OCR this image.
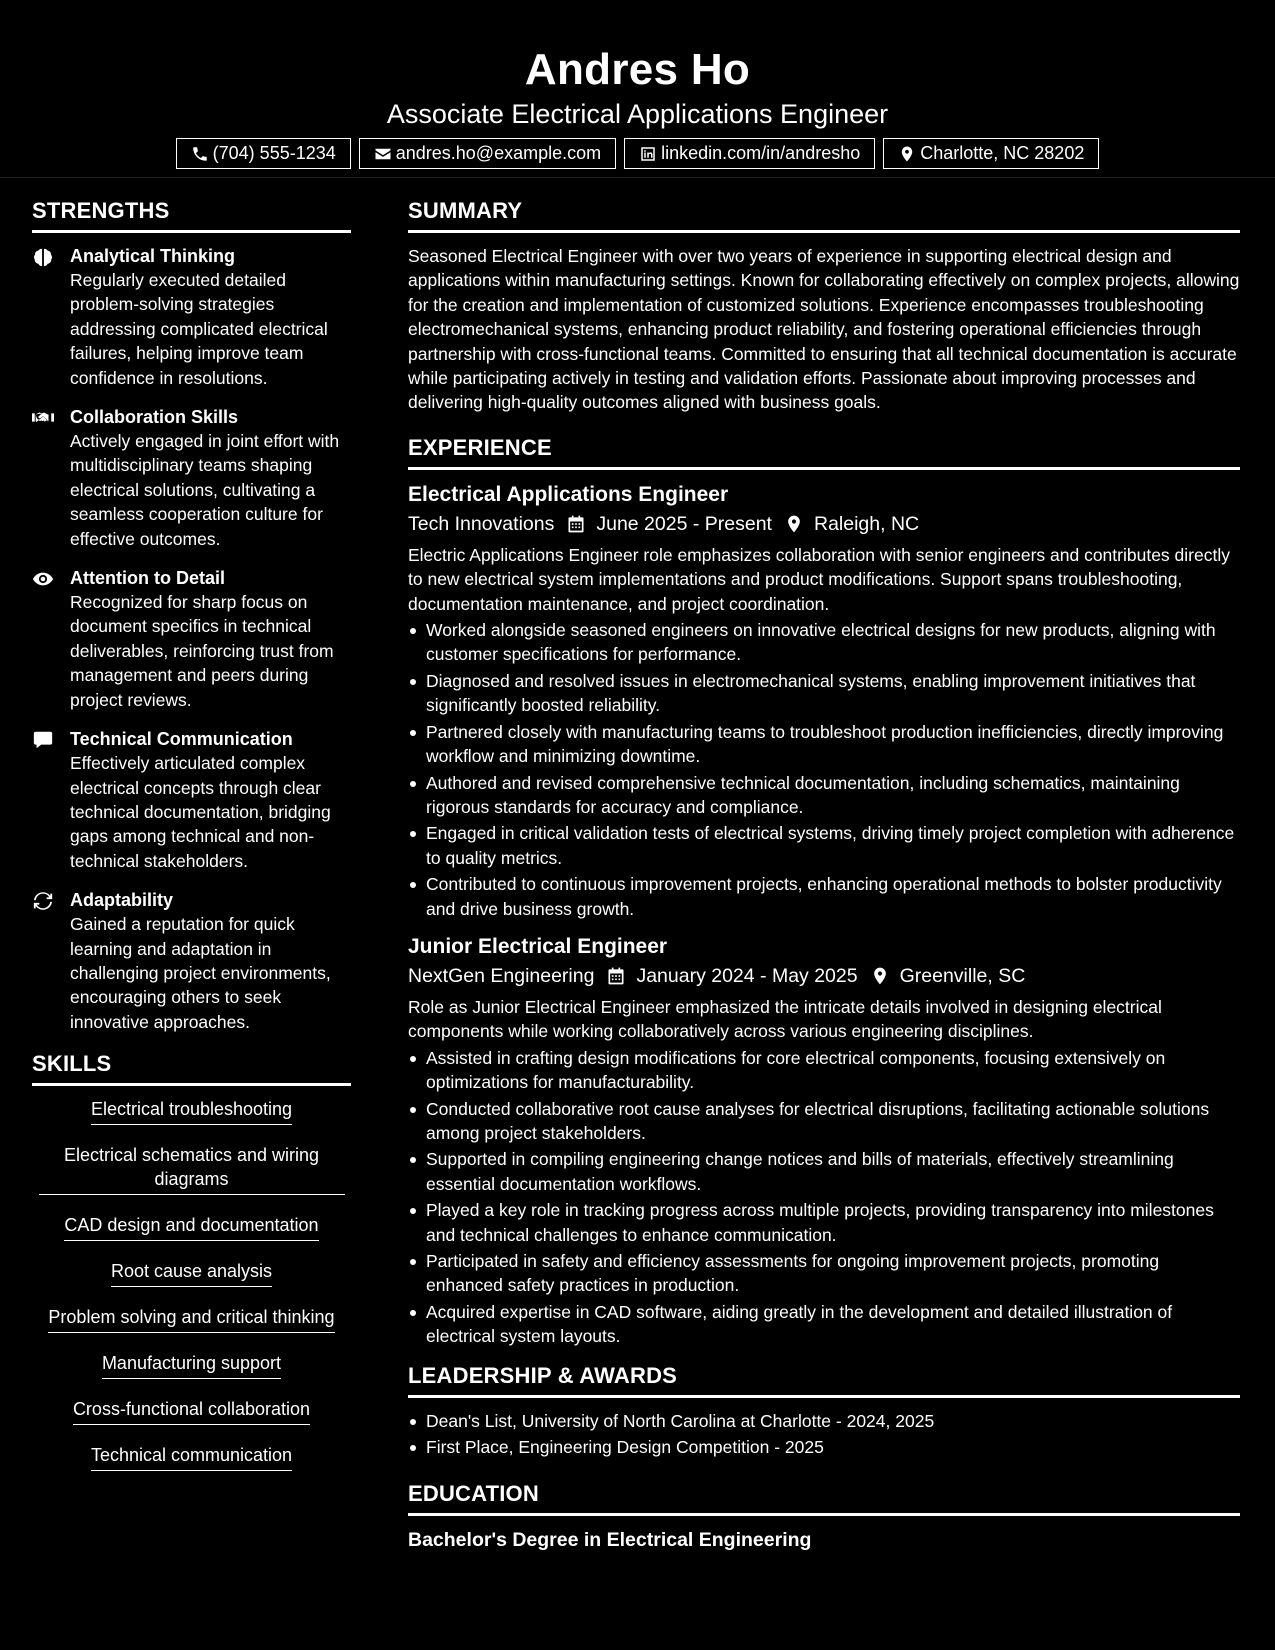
Andres Ho
Associate Electrical Applications Engineer
(704) 555-1234	andres.ho@example.com	linkedin.com/in/andresho	Charlotte, NC 28202
STRENGTHS
Analytical Thinking
Regularly executed detailed problem-solving strategies addressing complicated electrical failures, helping improve team confidence in resolutions.
Collaboration Skills
Actively engaged in joint effort with multidisciplinary teams shaping electrical solutions, cultivating a seamless cooperation culture for effective outcomes.
Attention to Detail
Recognized for sharp focus on document specifics in technical deliverables, reinforcing trust from management and peers during project reviews.
Technical Communication
Effectively articulated complex electrical concepts through clear technical documentation, bridging gaps among technical and non-technical stakeholders.
Adaptability
Gained a reputation for quick learning and adaptation in challenging project environments, encouraging others to seek innovative approaches.
SKILLS
Electrical troubleshooting
Electrical schematics and wiring diagrams
CAD design and documentation
Root cause analysis
Problem solving and critical thinking
Manufacturing support
Cross-functional collaboration
Technical communication
SUMMARY
Seasoned Electrical Engineer with over two years of experience in supporting electrical design and applications within manufacturing settings. Known for collaborating effectively on complex projects, allowing for the creation and implementation of customized solutions. Experience encompasses troubleshooting electromechanical systems, enhancing product reliability, and fostering operational efficiencies through partnership with cross-functional teams. Committed to ensuring that all technical documentation is accurate while participating actively in testing and validation efforts. Passionate about improving processes and delivering high-quality outcomes aligned with business goals.
EXPERIENCE
Electrical Applications Engineer
Tech Innovations June 2025 - Present Raleigh, NC
Electric Applications Engineer role emphasizes collaboration with senior engineers and contributes directly to new electrical system implementations and product modifications. Support spans troubleshooting, documentation maintenance, and project coordination.
Worked alongside seasoned engineers on innovative electrical designs for new products, aligning with customer specifications for performance.
Diagnosed and resolved issues in electromechanical systems, enabling improvement initiatives that significantly boosted reliability.
Partnered closely with manufacturing teams to troubleshoot production inefficiencies, directly improving workflow and minimizing downtime.
Authored and revised comprehensive technical documentation, including schematics, maintaining rigorous standards for accuracy and compliance.
Engaged in critical validation tests of electrical systems, driving timely project completion with adherence to quality metrics.
Contributed to continuous improvement projects, enhancing operational methods to bolster productivity and drive business growth.
Junior Electrical Engineer
NextGen Engineering January 2024 - May 2025 Greenville, SC
Role as Junior Electrical Engineer emphasized the intricate details involved in designing electrical components while working collaboratively across various engineering disciplines.
Assisted in crafting design modifications for core electrical components, focusing extensively on optimizations for manufacturability.
Conducted collaborative root cause analyses for electrical disruptions, facilitating actionable solutions among project stakeholders.
Supported in compiling engineering change notices and bills of materials, effectively streamlining essential documentation workflows.
Played a key role in tracking progress across multiple projects, providing transparency into milestones and technical challenges to enhance communication.
Participated in safety and efficiency assessments for ongoing improvement projects, promoting enhanced safety practices in production.
Acquired expertise in CAD software, aiding greatly in the development and detailed illustration of electrical system layouts.
LEADERSHIP & AWARDS
Dean's List, University of North Carolina at Charlotte - 2024, 2025
First Place, Engineering Design Competition - 2025
EDUCATION
Bachelor's Degree in Electrical Engineering
